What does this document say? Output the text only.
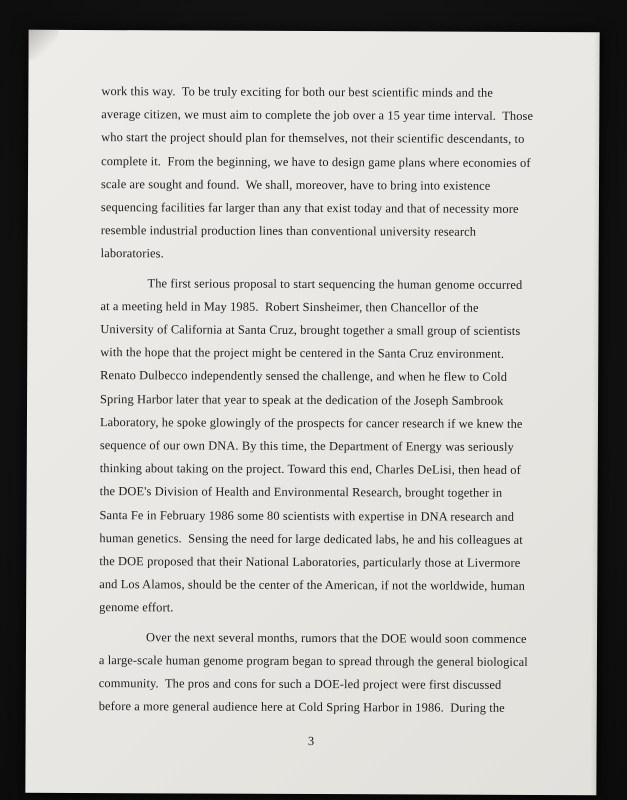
work this way.  To be truly exciting for both our best scientific minds and the
average citizen, we must aim to complete the job over a 15 year time interval.  Those
who start the project should plan for themselves, not their scientific descendants, to
complete it.  From the beginning, we have to design game plans where economies of
scale are sought and found.  We shall, moreover, have to bring into existence
sequencing facilities far larger than any that exist today and that of necessity more
resemble industrial production lines than conventional university research
laboratories.
The first serious proposal to start sequencing the human genome occurred
at a meeting held in May 1985.  Robert Sinsheimer, then Chancellor of the
University of California at Santa Cruz, brought together a small group of scientists
with the hope that the project might be centered in the Santa Cruz environment.
Renato Dulbecco independently sensed the challenge, and when he flew to Cold
Spring Harbor later that year to speak at the dedication of the Joseph Sambrook
Laboratory, he spoke glowingly of the prospects for cancer research if we knew the
sequence of our own DNA. By this time, the Department of Energy was seriously
thinking about taking on the project. Toward this end, Charles DeLisi, then head of
the DOE's Division of Health and Environmental Research, brought together in
Santa Fe in February 1986 some 80 scientists with expertise in DNA research and
human genetics.  Sensing the need for large dedicated labs, he and his colleagues at
the DOE proposed that their National Laboratories, particularly those at Livermore
and Los Alamos, should be the center of the American, if not the worldwide, human
genome effort.
Over the next several months, rumors that the DOE would soon commence
a large-scale human genome program began to spread through the general biological
community.  The pros and cons for such a DOE-led project were first discussed
before a more general audience here at Cold Spring Harbor in 1986.  During the
3
